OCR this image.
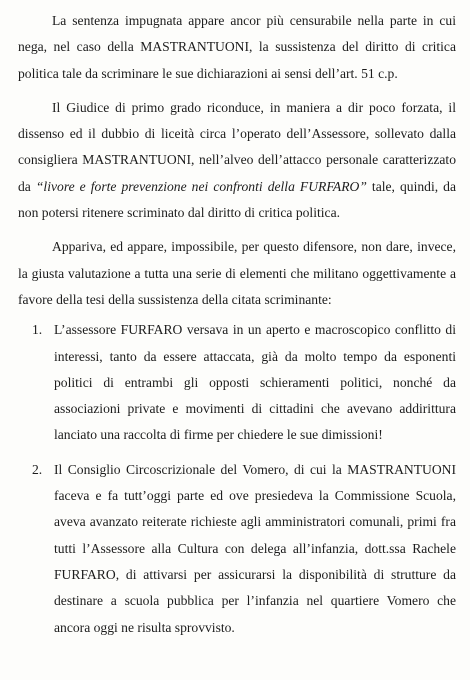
La sentenza impugnata appare ancor più censurabile nella parte in cui nega, nel caso della MASTRANTUONI, la sussistenza del diritto di critica politica tale da scriminare le sue dichiarazioni ai sensi dell’art. 51 c.p.

Il Giudice di primo grado riconduce, in maniera a dir poco forzata, il dissenso ed il dubbio di liceità circa l’operato dell’Assessore, sollevato dalla consigliera MASTRANTUONI, nell’alveo dell’attacco personale caratterizzato da “livore e forte prevenzione nei confronti della FURFARO” tale, quindi, da non potersi ritenere scriminato dal diritto di critica politica.

Appariva, ed appare, impossibile, per questo difensore, non dare, invece, la giusta valutazione a tutta una serie di elementi che militano oggettivamente a favore della tesi della sussistenza della citata scriminante:

1. L’assessore FURFARO versava in un aperto e macroscopico conflitto di interessi, tanto da essere attaccata, già da molto tempo da esponenti politici di entrambi gli opposti schieramenti politici, nonché da associazioni private e movimenti di cittadini che avevano addirittura lanciato una raccolta di firme per chiedere le sue dimissioni!
2. Il Consiglio Circoscrizionale del Vomero, di cui la MASTRANTUONI faceva e fa tutt’oggi parte ed ove presiedeva la Commissione Scuola, aveva avanzato reiterate richieste agli amministratori comunali, primi fra tutti l’Assessore alla Cultura con delega all’infanzia, dott.ssa Rachele FURFARO, di attivarsi per assicurarsi la disponibilità di strutture da destinare a scuola pubblica per l’infanzia nel quartiere Vomero che ancora oggi ne risulta sprovvisto.
